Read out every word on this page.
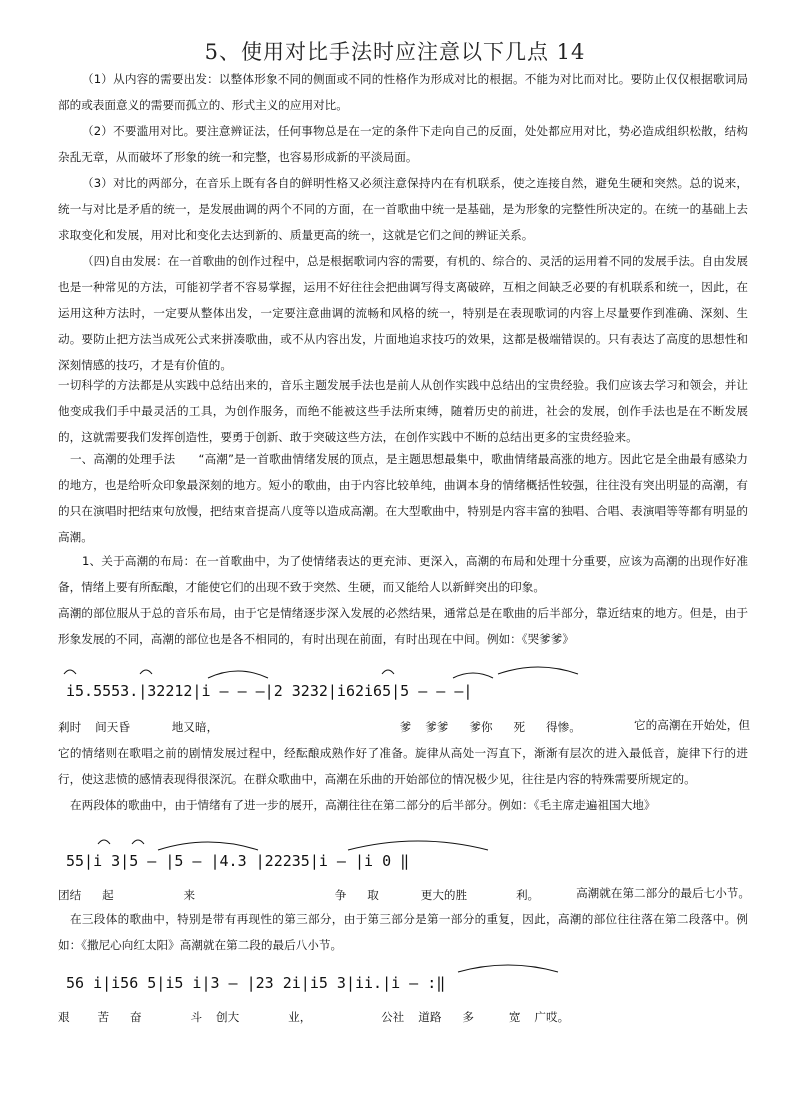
5、使用对比手法时应注意以下几点 14

（1）从内容的需要出发：以整体形象不同的侧面或不同的性格作为形成对比的根据。不能为对比而对比。要防止仅仅根据歌词局部的或表面意义的需要而孤立的、形式主义的应用对比。

（2）不要滥用对比。要注意辨证法，任何事物总是在一定的条件下走向自己的反面，处处都应用对比，势必造成组织松散，结构杂乱无章，从而破坏了形象的统一和完整，也容易形成新的平淡局面。

（3）对比的两部分，在音乐上既有各自的鲜明性格又必须注意保持内在有机联系，使之连接自然，避免生硬和突然。总的说来，统一与对比是矛盾的统一，是发展曲调的两个不同的方面，在一首歌曲中统一是基础，是为形象的完整性所决定的。在统一的基础上去求取变化和发展，用对比和变化去达到新的、质量更高的统一，这就是它们之间的辨证关系。

（四)自由发展：在一首歌曲的创作过程中，总是根据歌词内容的需要，有机的、综合的、灵活的运用着不同的发展手法。自由发展也是一种常见的方法，可能初学者不容易掌握，运用不好往往会把曲调写得支离破碎，互相之间缺乏必要的有机联系和统一，因此，在运用这种方法时，一定要从整体出发，一定要注意曲调的流畅和风格的统一，特别是在表现歌词的内容上尽量要作到准确、深刻、生动。要防止把方法当成死公式来拼凑歌曲，或不从内容出发，片面地追求技巧的效果，这都是极端错误的。只有表达了高度的思想性和深刻情感的技巧，才是有价值的。

一切科学的方法都是从实践中总结出来的，音乐主题发展手法也是前人从创作实践中总结出的宝贵经验。我们应该去学习和领会，并让他变成我们手中最灵活的工具，为创作服务，而绝不能被这些手法所束缚，随着历史的前进，社会的发展，创作手法也是在不断发展的，这就需要我们发挥创造性，要勇于创新、敢于突破这些方法，在创作实践中不断的总结出更多的宝贵经验来。

一、高潮的处理手法　　“高潮”是一首歌曲情绪发展的顶点，是主题思想最集中，歌曲情绪最高涨的地方。因此它是全曲最有感染力的地方，也是给听众印象最深刻的地方。短小的歌曲，由于内容比较单纯，曲调本身的情绪概括性较强，往往没有突出明显的高潮，有的只在演唱时把结束句放慢，把结束音提高八度等以造成高潮。在大型歌曲中，特别是内容丰富的独唱、合唱、表演唱等等都有明显的高潮。

1、关于高潮的布局：在一首歌曲中，为了使情绪表达的更充沛、更深入，高潮的布局和处理十分重要，应该为高潮的出现作好准备，情绪上要有所酝酿，才能使它们的出现不致于突然、生硬，而又能给人以新鲜突出的印象。

高潮的部位服从于总的音乐布局，由于它是情绪逐步深入发展的必然结果，通常总是在歌曲的后半部分，靠近结束的地方。但是，由于形象发展的不同，高潮的部位也是各不相同的，有时出现在前面，有时出现在中间。例如：《哭爹爹》

i5.5553.|32212|i – – –|2 3232|i62i65|5 – – –|
剎时  间天昏      地又暗，                          爹  爹爹   爹你   死   得惨。	它的高潮在开始处，但

它的情绪则在歌唱之前的剧情发展过程中，经酝酿成熟作好了准备。旋律从高处一泻直下，渐渐有层次的进入最低音，旋律下行的进行，使这悲愤的感情表现得很深沉。在群众歌曲中，高潮在乐曲的开始部位的情况极少见，往往是内容的特殊需要所规定的。

在两段体的歌曲中，由于情绪有了进一步的展开，高潮往往在第二部分的后半部分。例如：《毛主席走遍祖国大地》

55|i 3|5 – |5 – |4.3 |22235|i – |i 0 ‖
团结   起          来                    争   取      更大的胜       利。	高潮就在第二部分的最后七小节。

在三段体的歌曲中，特别是带有再现性的第三部分，由于第三部分是第一部分的重复，因此，高潮的部位往往落在第二段落中。例如：《撒尼心向红太阳》高潮就在第二段的最后八小节。

56 i|i56 5|i5 i|3 – |23 2i|i5 3|ii.|i – :‖
艰    苦   奋       斗  创大       业，          公社  道路   多     宽  广哎。
